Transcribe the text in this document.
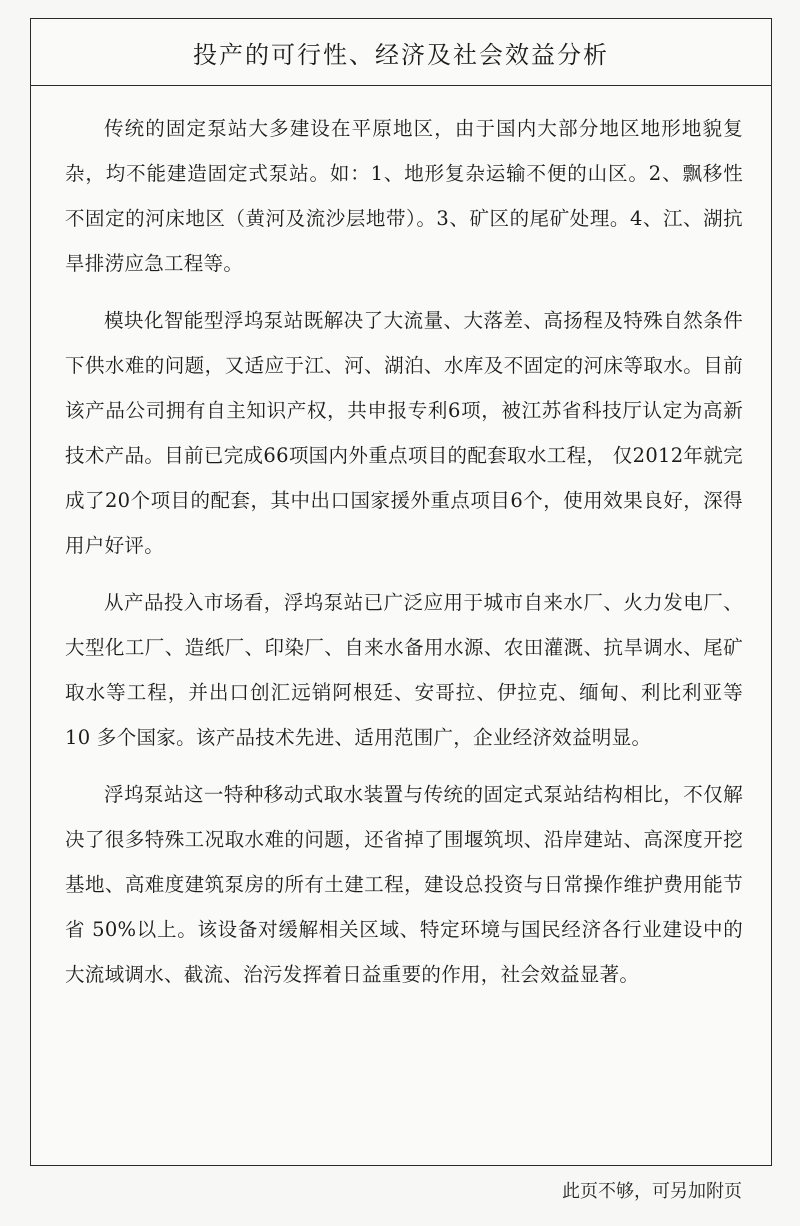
投产的可行性、经济及社会效益分析

传统的固定泵站大多建设在平原地区，由于国内大部分地区地形地貌复杂，均不能建造固定式泵站。如：1、地形复杂运输不便的山区。2、飘移性不固定的河床地区（黄河及流沙层地带）。3、矿区的尾矿处理。4、江、湖抗旱排涝应急工程等。

模块化智能型浮坞泵站既解决了大流量、大落差、高扬程及特殊自然条件下供水难的问题，又适应于江、河、湖泊、水库及不固定的河床等取水。目前该产品公司拥有自主知识产权，共申报专利6项，被江苏省科技厅认定为高新技术产品。目前已完成66项国内外重点项目的配套取水工程， 仅2012年就完成了20个项目的配套，其中出口国家援外重点项目6个，使用效果良好，深得用户好评。

从产品投入市场看，浮坞泵站已广泛应用于城市自来水厂、火力发电厂、大型化工厂、造纸厂、印染厂、自来水备用水源、农田灌溉、抗旱调水、尾矿取水等工程，并出口创汇远销阿根廷、安哥拉、伊拉克、缅甸、利比利亚等 10 多个国家。该产品技术先进、适用范围广，企业经济效益明显。

浮坞泵站这一特种移动式取水装置与传统的固定式泵站结构相比，不仅解决了很多特殊工况取水难的问题，还省掉了围堰筑坝、沿岸建站、高深度开挖基地、高难度建筑泵房的所有土建工程，建设总投资与日常操作维护费用能节省 50%以上。该设备对缓解相关区域、特定环境与国民经济各行业建设中的大流域调水、截流、治污发挥着日益重要的作用，社会效益显著。

此页不够，可另加附页
